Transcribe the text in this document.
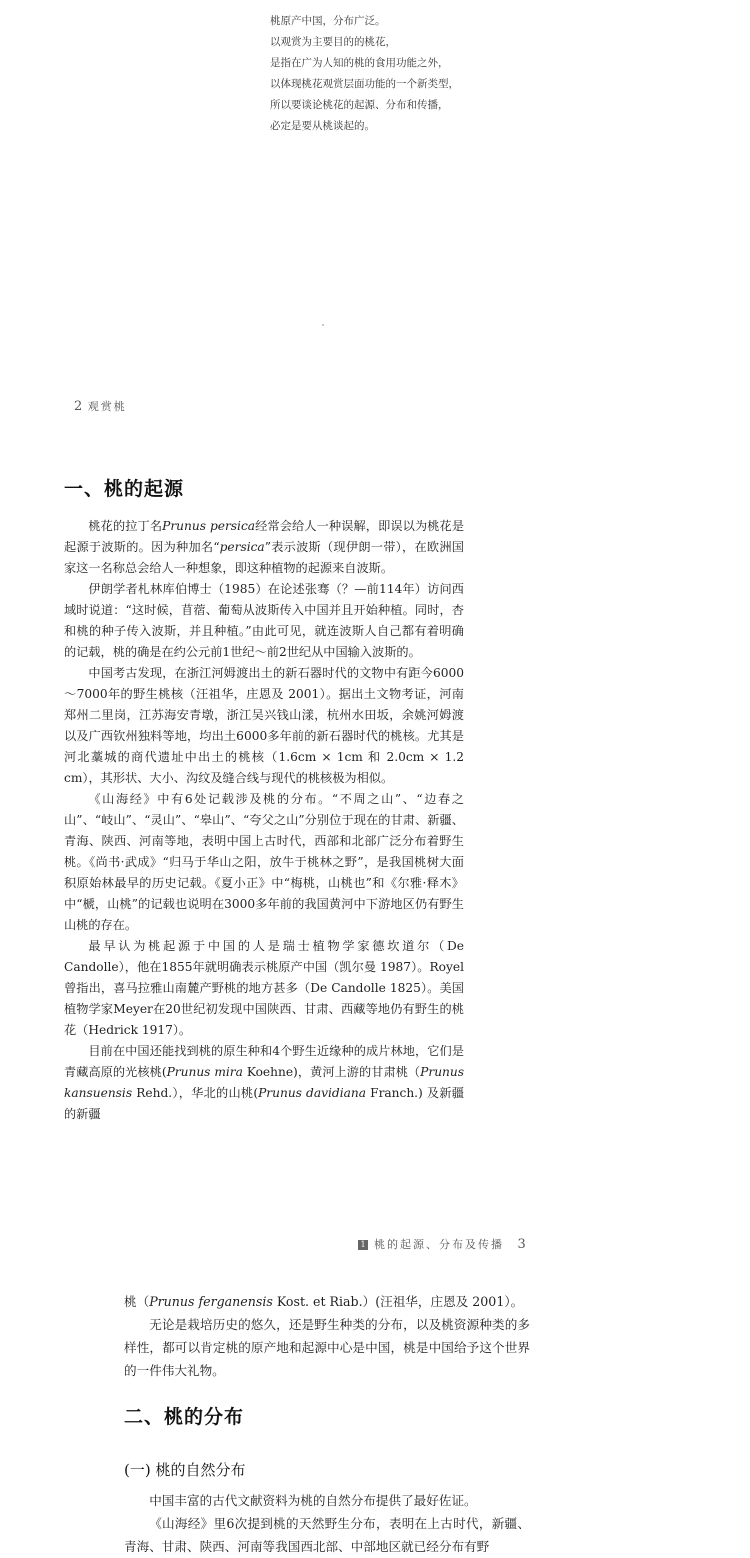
桃原产中国，分布广泛。
以观赏为主要目的的桃花，
是指在广为人知的桃的食用功能之外，
以体现桃花观赏层面功能的一个新类型，
所以要谈论桃花的起源、分布和传播，
必定是要从桃谈起的。
2 观赏桃
一、桃的起源

桃花的拉丁名Prunus persica经常会给人一种误解，即误以为桃花是起源于波斯的。因为种加名“persica”表示波斯（现伊朗一带），在欧洲国家这一名称总会给人一种想象，即这种植物的起源来自波斯。

伊朗学者札林库伯博士（1985）在论述张骞（？—前114年）访问西域时说道：“这时候，苜蓿、葡萄从波斯传入中国并且开始种植。同时，杏和桃的种子传入波斯，并且种植。”由此可见，就连波斯人自己都有着明确的记载，桃的确是在约公元前1世纪～前2世纪从中国输入波斯的。

中国考古发现，在浙江河姆渡出土的新石器时代的文物中有距今6000～7000年的野生桃核（汪祖华，庄恩及 2001）。据出土文物考证，河南郑州二里岗，江苏海安青墩，浙江吴兴钱山漾，杭州水田坂，余姚河姆渡以及广西钦州独料等地，均出土6000多年前的新石器时代的桃核。尤其是河北藁城的商代遗址中出土的桃核（1.6cm × 1cm 和 2.0cm × 1.2 cm），其形状、大小、沟纹及缝合线与现代的桃核极为相似。

《山海经》中有6处记载涉及桃的分布。“不周之山”、“边春之山”、“岐山”、“灵山”、“皋山”、“夸父之山”分别位于现在的甘肃、新疆、青海、陕西、河南等地，表明中国上古时代，西部和北部广泛分布着野生桃。《尚书·武成》“归马于华山之阳，放牛于桃林之野”，是我国桃树大面积原始林最早的历史记载。《夏小正》中“梅桃，山桃也”和《尔雅·释木》中“榹，山桃”的记载也说明在3000多年前的我国黄河中下游地区仍有野生山桃的存在。

最早认为桃起源于中国的人是瑞士植物学家德坎道尔（De Candolle），他在1855年就明确表示桃原产中国（凯尔曼 1987）。Royel曾指出，喜马拉雅山南麓产野桃的地方甚多（De Candolle 1825）。美国植物学家Meyer在20世纪初发现中国陕西、甘肃、西藏等地仍有野生的桃花（Hedrick 1917）。

目前在中国还能找到桃的原生种和4个野生近缘种的成片林地，它们是青藏高原的光核桃(Prunus mira Koehne)，黄河上游的甘肃桃（Prunus kansuensis Rehd.），华北的山桃(Prunus davidiana Franch.) 及新疆的新疆

1 桃的起源、分布及传播 3

桃（Prunus ferganensis Kost. et Riab.）(汪祖华，庄恩及 2001）。

无论是栽培历史的悠久，还是野生种类的分布，以及桃资源种类的多样性，都可以肯定桃的原产地和起源中心是中国，桃是中国给予这个世界的一件伟大礼物。

二、桃的分布
(一) 桃的自然分布

中国丰富的古代文献资料为桃的自然分布提供了最好佐证。

《山海经》里6次提到桃的天然野生分布，表明在上古时代，新疆、青海、甘肃、陕西、河南等我国西北部、中部地区就已经分布有野
